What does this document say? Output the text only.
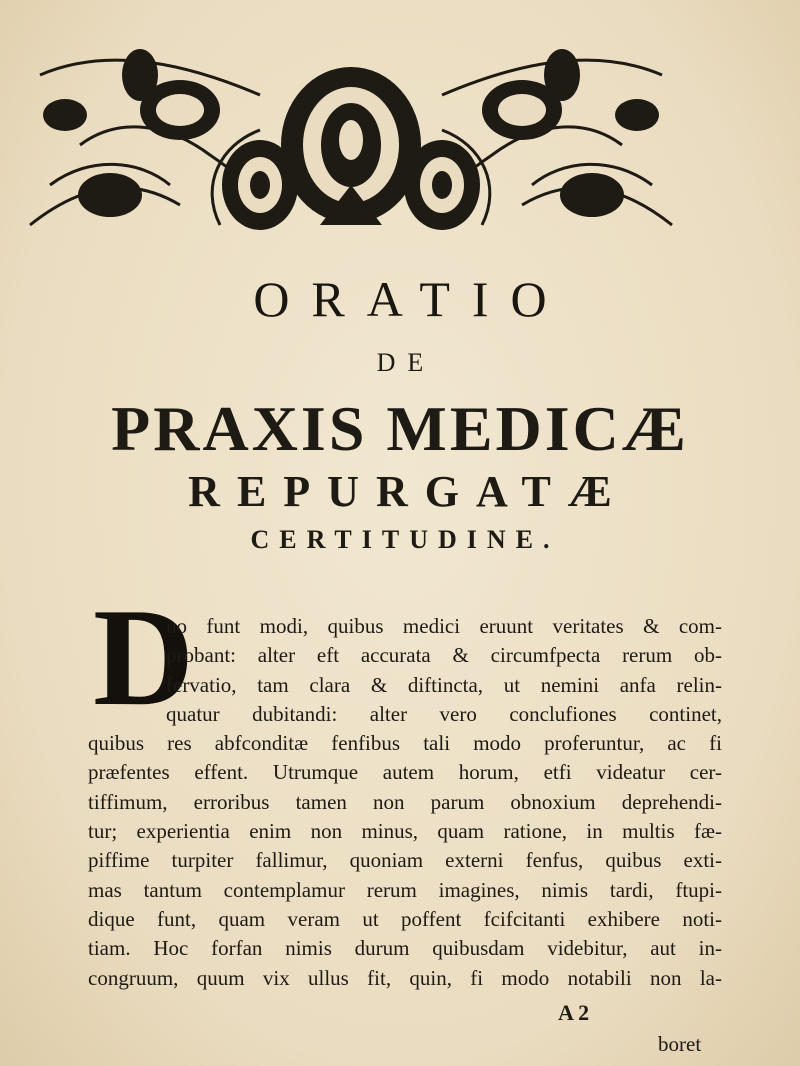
ORATIO
DE
PRAXIS MEDICÆ
REPURGATÆ
CERTITUDINE.
D
uo funt modi, quibus medici eruunt veritates & com-
probant: alter eft accurata & circumfpecta rerum ob-
fervatio, tam clara & diftincta, ut nemini anfa relin-
quatur dubitandi: alter vero conclufiones continet,
quibus res abfconditæ fenfibus tali modo proferuntur, ac fi
præfentes effent. Utrumque autem horum, etfi videatur cer-
tiffimum, erroribus tamen non parum obnoxium deprehendi-
tur; experientia enim non minus, quam ratione, in multis fæ-
piffime turpiter fallimur, quoniam externi fenfus, quibus exti-
mas tantum contemplamur rerum imagines, nimis tardi, ftupi-
dique funt, quam veram ut poffent fcifcitanti exhibere noti-
tiam. Hoc forfan nimis durum quibusdam videbitur, aut in-
congruum, quum vix ullus fit, quin, fi modo notabili non la-
A 2
boret
